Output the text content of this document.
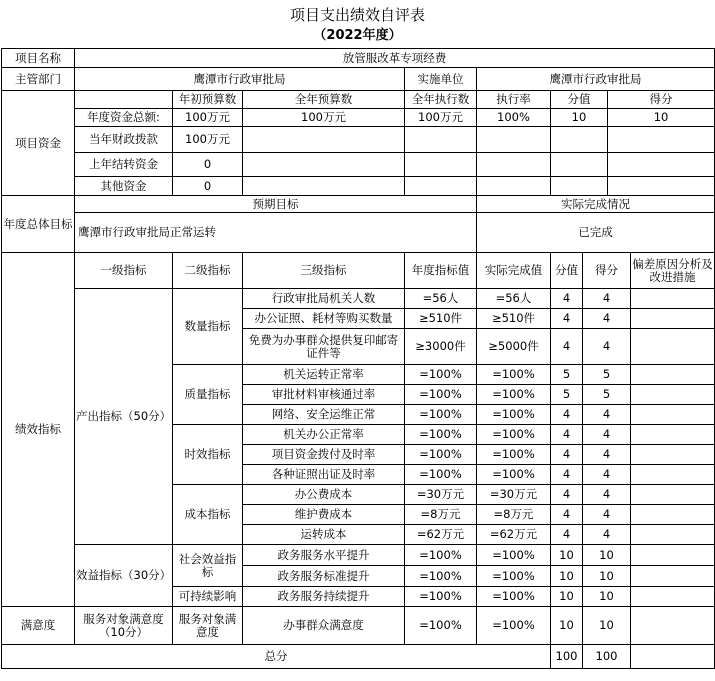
项目支出绩效自评表
（2022年度）
项目名称	放管服改革专项经费								
主管部门	鹰潭市行政审批局			实施单位	鹰潭市行政审批局				
项目资金		年初预算数	全年预算数	全年执行数	执行率	分值		得分	
	年度资金总额:	100万元	100万元	100万元	100%	10		10	
	当年财政拨款	100万元							
	上年结转资金	0							
	其他资金	0							
年度总体目标	预期目标				实际完成情况				
	鹰潭市行政审批局正常运转				已完成				
绩效指标	一级指标	二级指标	三级指标	年度指标值	实际完成值	分值	得分		偏差原因分析及改进措施
	产出指标（50分）	数量指标	行政审批局机关人数	=56人	=56人	4	4		
			办公证照、耗材等购买数量	≥510件	≥510件	4	4		
			免费为办事群众提供复印邮寄证件等	≥3000件	≥5000件	4	4		
		质量指标	机关运转正常率	=100%	=100%	5	5		
			审批材料审核通过率	=100%	=100%	5	5		
			网络、安全运维正常	=100%	=100%	4	4		
		时效指标	机关办公正常率	=100%	=100%	4	4		
			项目资金拨付及时率	=100%	=100%	4	4		
			各种证照出证及时率	=100%	=100%	4	4		
		成本指标	办公费成本	=30万元	=30万元	4	4		
			维护费成本	=8万元	=8万元	4	4		
			运转成本	=62万元	=62万元	4	4		
	效益指标（30分）	社会效益指标	政务服务水平提升	=100%	=100%	10	10		
			政务服务标准提升	=100%	=100%	10	10		
		可持续影响	政务服务持续提升	=100%	=100%	10	10		
满意度	服务对象满意度（10分）	服务对象满意度	办事群众满意度	=100%	=100%	10	10		
总分						100	100		
